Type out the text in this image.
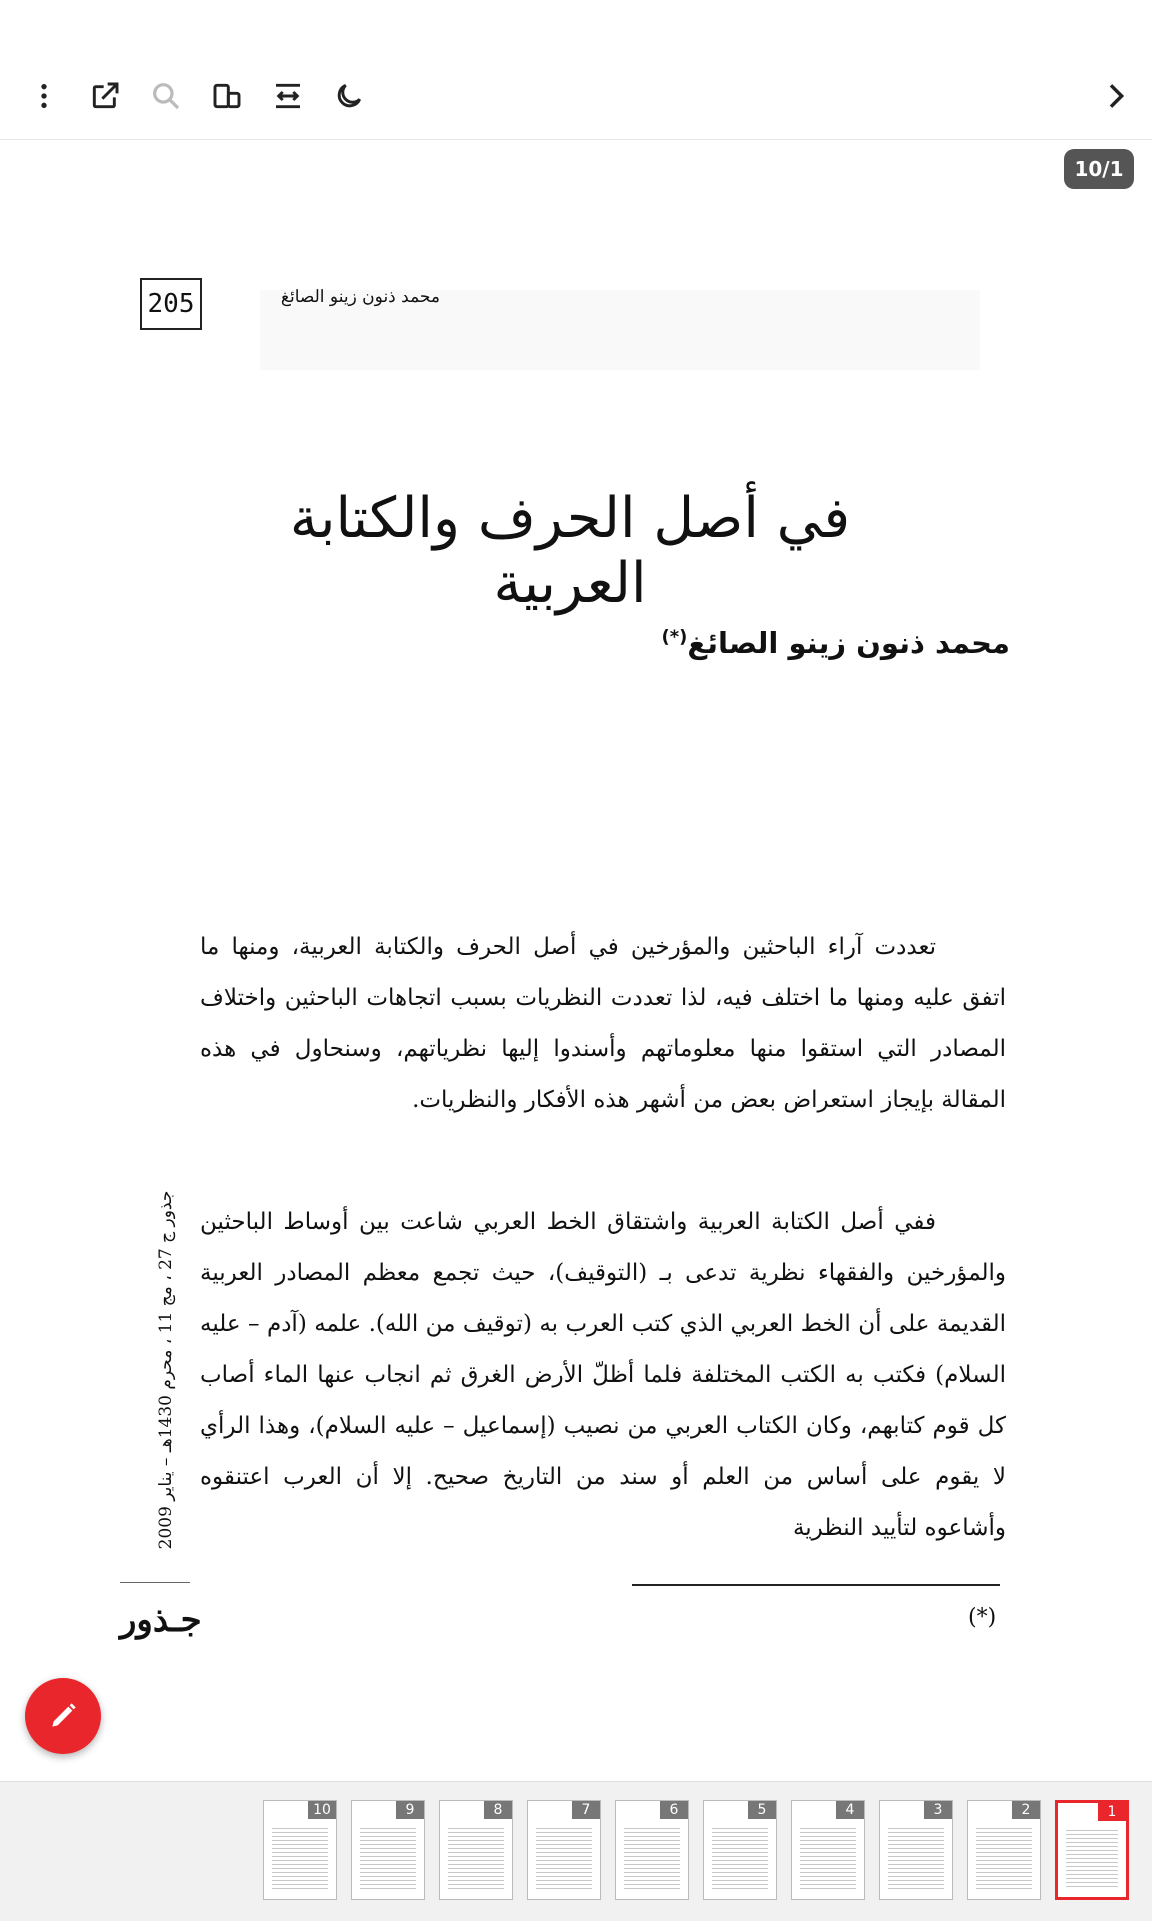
10/1
205	محمد ذنون زينو الصائغ
في أصل الحرف والكتابة العربية
محمد ذنون زينو الصائغ(*)
تعددت آراء الباحثين والمؤرخين في أصل الحرف والكتابة العربية، ومنها ما اتفق عليه ومنها ما اختلف فيه، لذا تعددت النظريات بسبب اتجاهات الباحثين واختلاف المصادر التي استقوا منها معلوماتهم وأسندوا إليها نظرياتهم، وسنحاول في هذه المقالة بإيجاز استعراض بعض من أشهر هذه الأفكار والنظريات.
ففي أصل الكتابة العربية واشتقاق الخط العربي شاعت بين أوساط الباحثين والمؤرخين والفقهاء نظرية تدعى بـ (التوقيف)، حيث تجمع معظم المصادر العربية القديمة على أن الخط العربي الذي كتب العرب به (توقيف من الله). علمه (آدم – عليه السلام) فكتب به الكتب المختلفة فلما أظلّ الأرض الغرق ثم انجاب عنها الماء أصاب كل قوم كتابهم، وكان الكتاب العربي من نصيب (إسماعيل – عليه السلام)، وهذا الرأي لا يقوم على أساس من العلم أو سند من التاريخ صحيح. إلا أن العرب اعتنقوه وأشاعوه لتأييد النظرية
جذور ج 27 ، مج 11 ، محرم 1430هـ – يناير 2009
(*)
جـذور
10	9	8	7	6	5	4	3	2	1
